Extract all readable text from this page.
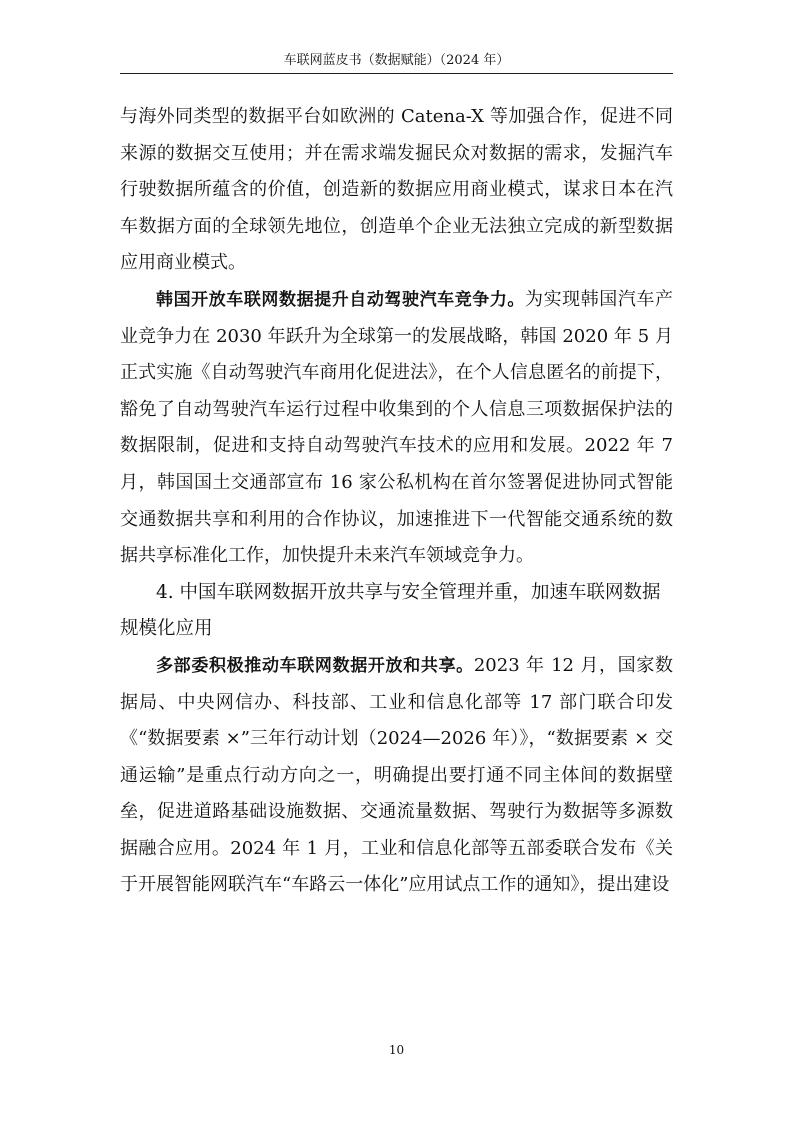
车联网蓝皮书（数据赋能）（2024 年）

与海外同类型的数据平台如欧洲的 Catena-X 等加强合作，促进不同来源的数据交互使用；并在需求端发掘民众对数据的需求，发掘汽车行驶数据所蕴含的价值，创造新的数据应用商业模式，谋求日本在汽车数据方面的全球领先地位，创造单个企业无法独立完成的新型数据应用商业模式。

韩国开放车联网数据提升自动驾驶汽车竞争力。为实现韩国汽车产业竞争力在 2030 年跃升为全球第一的发展战略，韩国 2020 年 5 月正式实施《自动驾驶汽车商用化促进法》，在个人信息匿名的前提下，豁免了自动驾驶汽车运行过程中收集到的个人信息三项数据保护法的数据限制，促进和支持自动驾驶汽车技术的应用和发展。2022 年 7 月，韩国国土交通部宣布 16 家公私机构在首尔签署促进协同式智能交通数据共享和利用的合作协议，加速推进下一代智能交通系统的数据共享标准化工作，加快提升未来汽车领域竞争力。

4. 中国车联网数据开放共享与安全管理并重，加速车联网数据规模化应用

多部委积极推动车联网数据开放和共享。2023 年 12 月，国家数据局、中央网信办、科技部、工业和信息化部等 17 部门联合印发《“数据要素 ×”三年行动计划（2024—2026 年）》，“数据要素 × 交通运输”是重点行动方向之一，明确提出要打通不同主体间的数据壁垒，促进道路基础设施数据、交通流量数据、驾驶行为数据等多源数据融合应用。2024 年 1 月，工业和信息化部等五部委联合发布《关于开展智能网联汽车“车路云一体化”应用试点工作的通知》，提出建设

10
